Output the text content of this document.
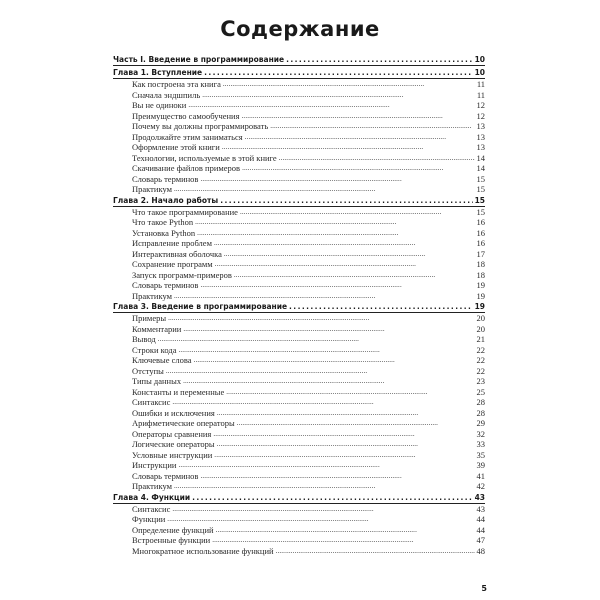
Содержание
Часть I. Введение в программирование . . .	10
Глава 1. Вступление . . .	10
Как построена эта книга . . .	11
Сначала эндшпиль . . .	11
Вы не одиноки . . .	12
Преимущество самообучения . . .	12
Почему вы должны программировать . . .	13
Продолжайте этим заниматься . . .	13
Оформление этой книги . . .	13
Технологии, используемые в этой книге . . .	14
Скачивание файлов примеров . . .	14
Словарь терминов . . .	15
Практикум . . .	15
Глава 2. Начало работы . . .	15
Что такое программирование . . .	15
Что такое Python . . .	16
Установка Python . . .	16
Исправление проблем . . .	16
Интерактивная оболочка . . .	17
Сохранение программ . . .	18
Запуск программ-примеров . . .	18
Словарь терминов . . .	19
Практикум . . .	19
Глава 3. Введение в программирование . . .	19
Примеры . . .	20
Комментарии . . .	20
Вывод . . .	21
Строки кода . . .	22
Ключевые слова . . .	22
Отступы . . .	22
Типы данных . . .	23
Константы и переменные . . .	25
Синтаксис . . .	28
Ошибки и исключения . . .	28
Арифметические операторы . . .	29
Операторы сравнения . . .	32
Логические операторы . . .	33
Условные инструкции . . .	35
Инструкции . . .	39
Словарь терминов . . .	41
Практикум . . .	42
Глава 4. Функции . . .	43
Синтаксис . . .	43
Функции . . .	44
Определение функций . . .	44
Встроенные функции . . .	47
Многократное использование функций . . .	48
5
